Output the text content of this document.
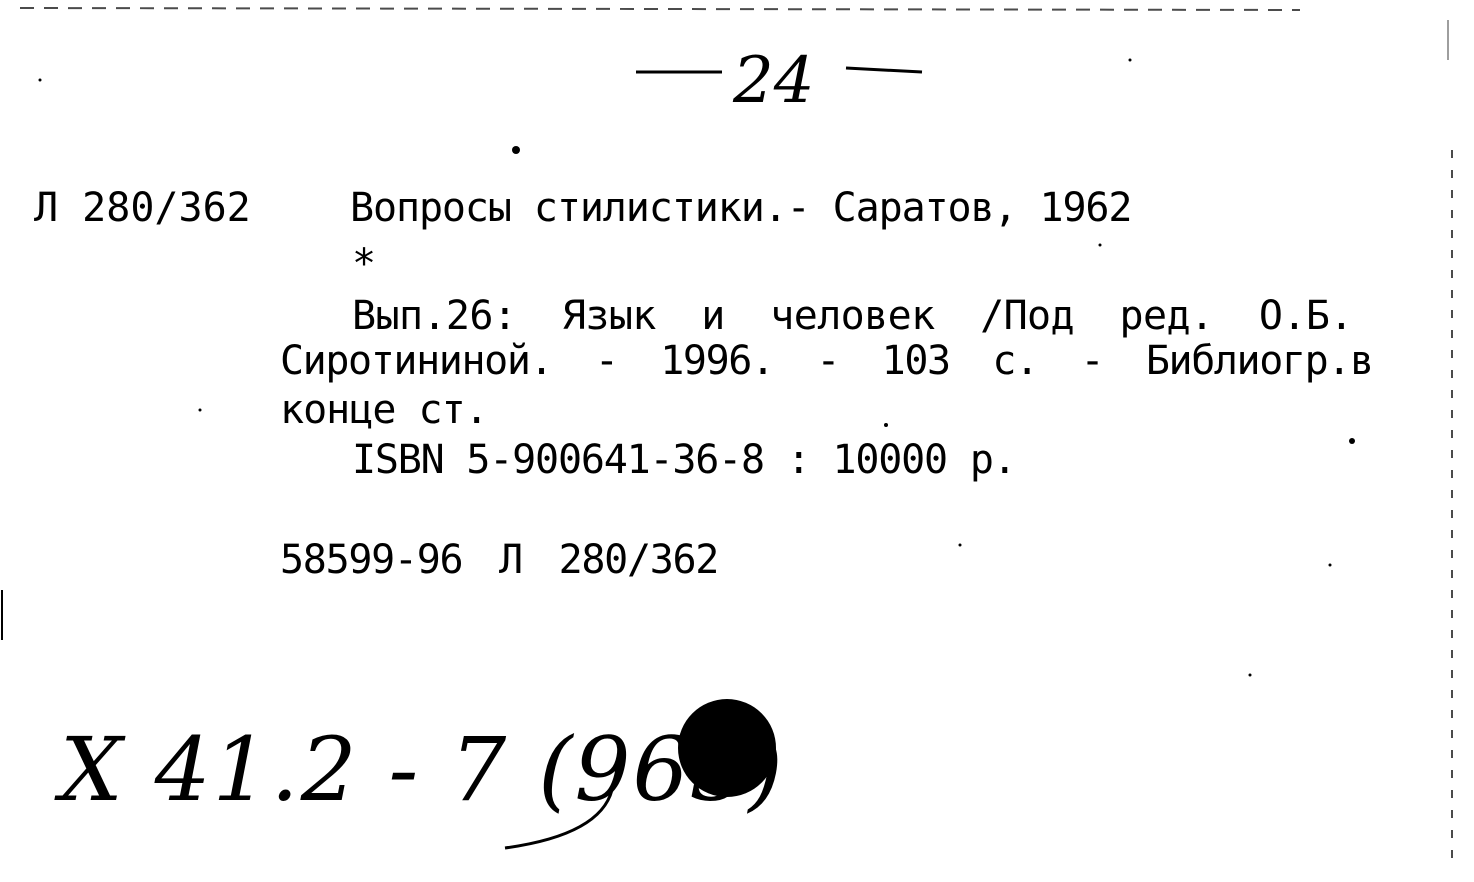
24
Л 280/362 Вопросы стилистики.- Саратов, 1962
*
Вып.26: Язык и человек /Под ред. О.Б.
Сиротининой. - 1996. - 103 с. - Библиогр.в
конце ст.
ISBN 5-900641-36-8 : 10000 р.
58599-96 Л 280/362
Х 41.2 - 7 (963)
